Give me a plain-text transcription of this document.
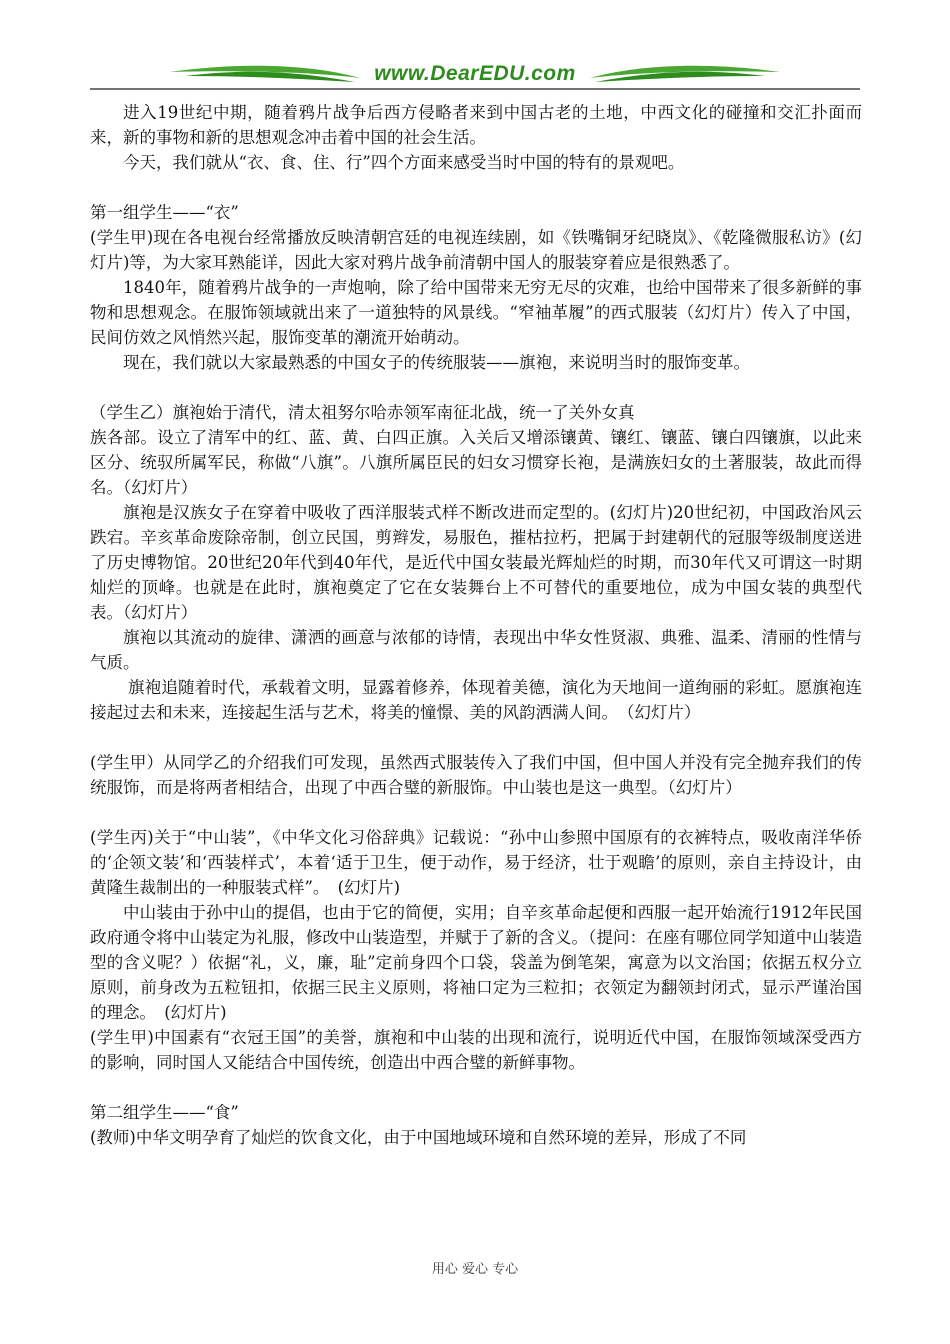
www.DearEDU.com

进入19世纪中期，随着鸦片战争后西方侵略者来到中国古老的土地，中西文化的碰撞和交汇扑面而来，新的事物和新的思想观念冲击着中国的社会生活。

今天，我们就从“衣、食、住、行”四个方面来感受当时中国的特有的景观吧。

第一组学生——“衣”

(学生甲)现在各电视台经常播放反映清朝宫廷的电视连续剧，如《铁嘴铜牙纪晓岚》、《乾隆微服私访》(幻灯片)等，为大家耳熟能详，因此大家对鸦片战争前清朝中国人的服装穿着应是很熟悉了。

1840年，随着鸦片战争的一声炮响，除了给中国带来无穷无尽的灾难，也给中国带来了很多新鲜的事物和思想观念。在服饰领域就出来了一道独特的风景线。“窄袖革履”的西式服装（幻灯片）传入了中国，民间仿效之风悄然兴起，服饰变革的潮流开始萌动。

现在，我们就以大家最熟悉的中国女子的传统服装——旗袍，来说明当时的服饰变革。

（学生乙）旗袍始于清代，清太祖努尔哈赤领军南征北战，统一了关外女真

族各部。设立了清军中的红、蓝、黄、白四正旗。入关后又增添镶黄、镶红、镶蓝、镶白四镶旗，以此来区分、统驭所属军民，称做“八旗”。八旗所属臣民的妇女习惯穿长袍，是满族妇女的土著服装，故此而得名。（幻灯片）

旗袍是汉族女子在穿着中吸收了西洋服装式样不断改进而定型的。(幻灯片)20世纪初，中国政治风云跌宕。辛亥革命废除帝制，创立民国，剪辫发，易服色，摧枯拉朽，把属于封建朝代的冠服等级制度送进了历史博物馆。20世纪20年代到40年代，是近代中国女装最光辉灿烂的时期，而30年代又可谓这一时期灿烂的顶峰。也就是在此时，旗袍奠定了它在女装舞台上不可替代的重要地位，成为中国女装的典型代表。（幻灯片）

旗袍以其流动的旋律、潇洒的画意与浓郁的诗情，表现出中华女性贤淑、典雅、温柔、清丽的性情与气质。

旗袍追随着时代，承载着文明，显露着修养，体现着美德，演化为天地间一道绚丽的彩虹。愿旗袍连接起过去和未来，连接起生活与艺术，将美的憧憬、美的风韵洒满人间。　（幻灯片）

(学生甲）从同学乙的介绍我们可发现，虽然西式服装传入了我们中国，但中国人并没有完全抛弃我们的传统服饰，而是将两者相结合，出现了中西合璧的新服饰。中山装也是这一典型。（幻灯片）

(学生丙)关于“中山装”，《中华文化习俗辞典》记载说：“孙中山参照中国原有的衣裤特点，吸收南洋华侨的‘企领文装’和‘西装样式’，本着‘适于卫生，便于动作，易于经济，壮于观瞻’的原则，亲自主持设计，由黄隆生裁制出的一种服装式样”。　(幻灯片)

中山装由于孙中山的提倡，也由于它的简便，实用；自辛亥革命起便和西服一起开始流行1912年民国政府通令将中山装定为礼服，修改中山装造型，并赋于了新的含义。（提问：在座有哪位同学知道中山装造型的含义呢？）依据“礼，义，廉，耻”定前身四个口袋，袋盖为倒笔架，寓意为以文治国；依据五权分立原则，前身改为五粒钮扣，依据三民主义原则，将袖口定为三粒扣；衣领定为翻领封闭式，显示严谨治国的理念。　(幻灯片)

(学生甲)中国素有“衣冠王国”的美誉，旗袍和中山装的出现和流行，说明近代中国，在服饰领域深受西方的影响，同时国人又能结合中国传统，创造出中西合璧的新鲜事物。

第二组学生——“食”

(教师)中华文明孕育了灿烂的饮食文化，由于中国地域环境和自然环境的差异，形成了不同

用心 爱心 专心
